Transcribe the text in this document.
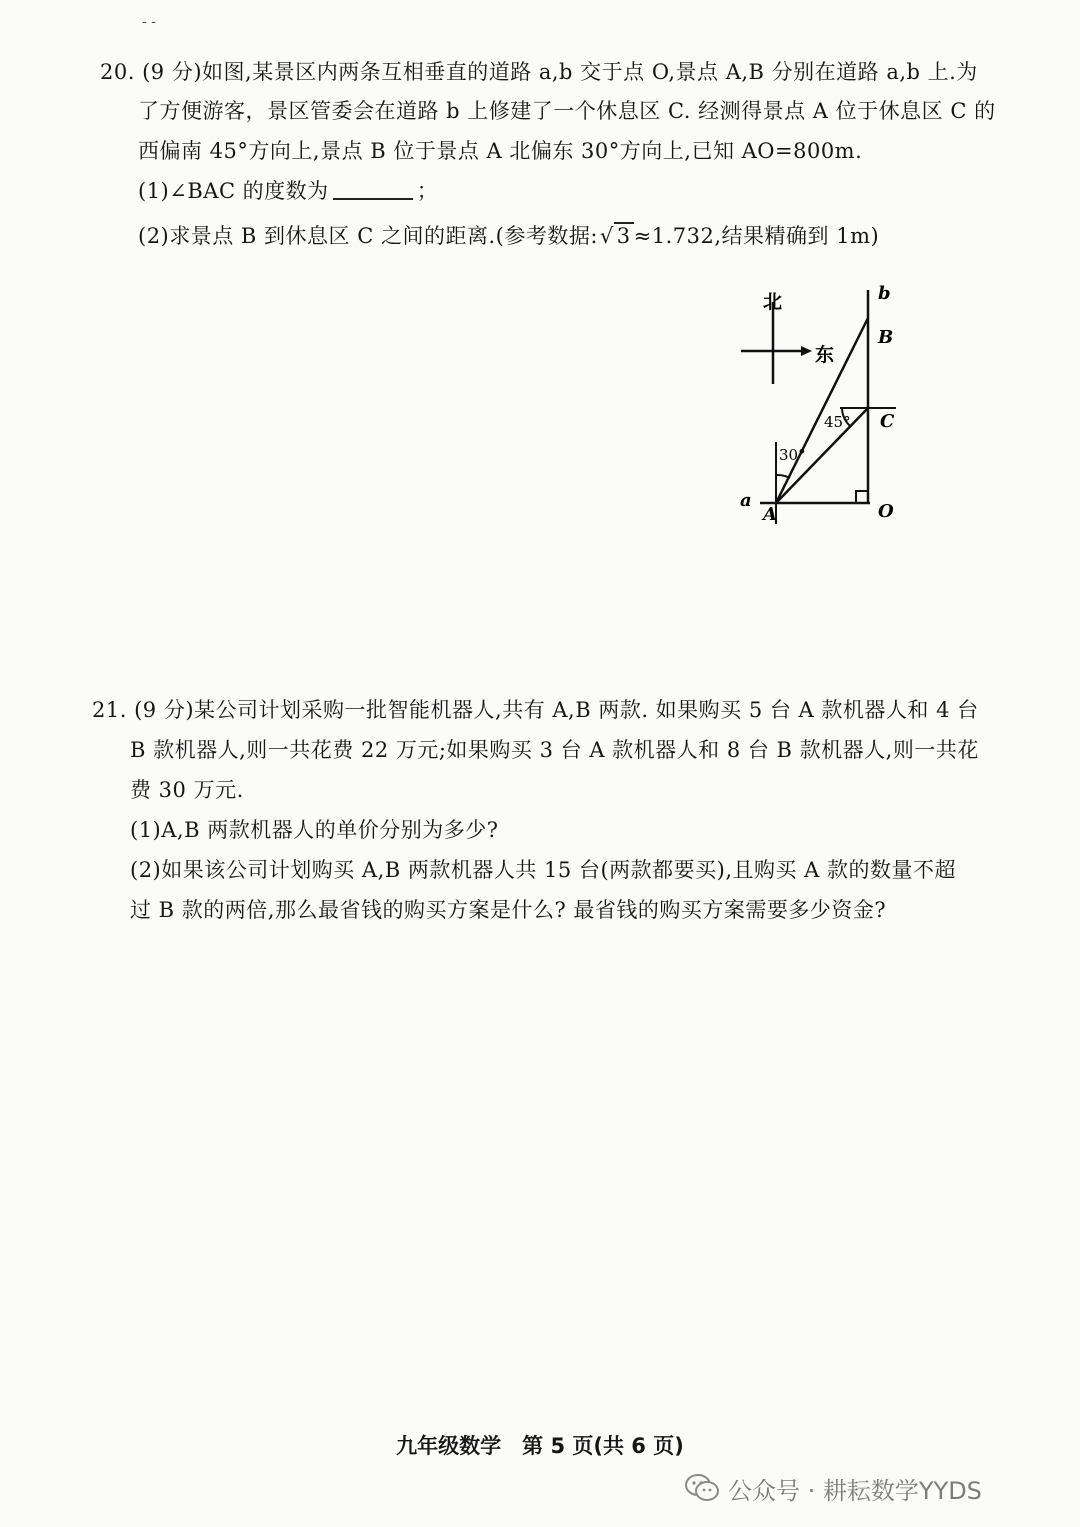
- -
20. (9 分)如图,某景区内两条互相垂直的道路 a,b 交于点 O,景点 A,B 分别在道路 a,b 上.为
了方便游客，景区管委会在道路 b 上修建了一个休息区 C. 经测得景点 A 位于休息区 C 的
西偏南 45°方向上,景点 B 位于景点 A 北偏东 30°方向上,已知 AO=800m.
(1)∠BAC 的度数为	；
(2)求景点 B 到休息区 C 之间的距离.(参考数据:√ 3 ≈1.732,结果精确到 1m)
北
东
b
a
B
C
A	O
45°
30°
21. (9 分)某公司计划采购一批智能机器人,共有 A,B 两款. 如果购买 5 台 A 款机器人和 4 台
B 款机器人,则一共花费 22 万元;如果购买 3 台 A 款机器人和 8 台 B 款机器人,则一共花
费 30 万元.
(1)A,B 两款机器人的单价分别为多少?
(2)如果该公司计划购买 A,B 两款机器人共 15 台(两款都要买),且购买 A 款的数量不超
过 B 款的两倍,那么最省钱的购买方案是什么? 最省钱的购买方案需要多少资金?
九年级数学　第 5 页(共 6 页)
公众号 · 耕耘数学YYDS
